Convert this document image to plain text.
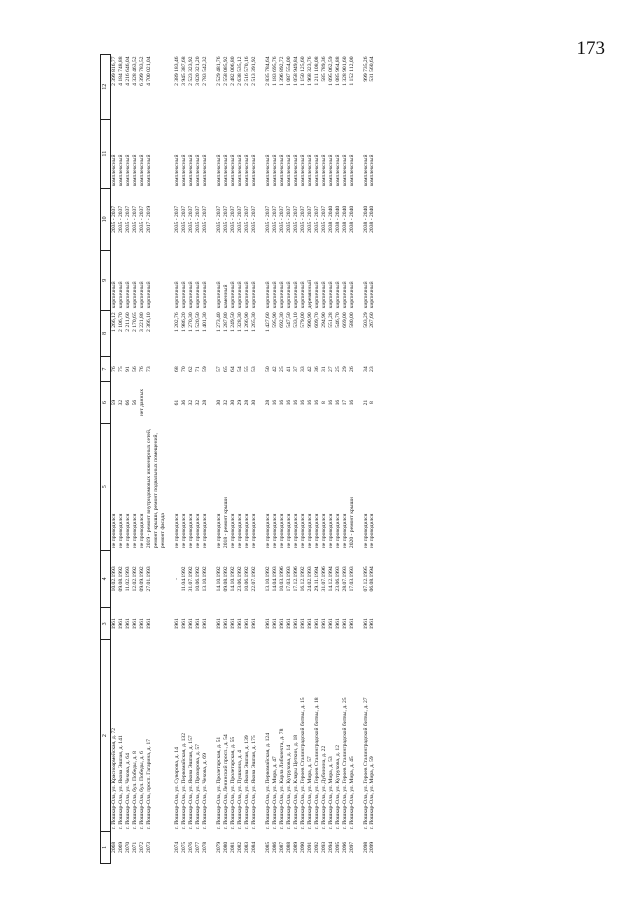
173
1	2	3	4	5	6	7	8	9	10	11	12
2068	г. Йошкар-Ола, ул. Красноармейская, д. 72	1961	10.02.1993	не проводился	59	76	1 266,12	кирпичный	2035 - 2037	комплексный	2 399 816,77
2069	г. Йошкар-Ола, ул. Якова Эшпая, д. 141	1961	09.08.1992	не проводился	32	75	2 106,70	кирпичный	2035 - 2037	комплексный	4 184 748,88
2070	г. Йошкар-Ола, ул. Чехова, д. 64	1961	11.02.1993	не проводился	66	91	2 211,60	кирпичный	2035 - 2037	комплексный	4 216 646,04
2071	г. Йошкар-Ола, бул. Победы, д. 8	1961	12.02.1992	не проводился	56	56	2 170,65	кирпичный	2035 - 2037	комплексный	4 328 463,52
2072	г. Йошкар-Ола, бул. Победы, д. 6	1961	09.09.1992	не проводился	нет данных	76	3 221,80	кирпичный	2035 - 2037	комплексный	6 399 783,52
2073	г. Йошкар-Ола, просп. Гагарина, д. 17	1961	27.01.1993	2019 - ремонт внутридомовых инженерных сетей, ремонт крыши, ремонт подвальных помещений, ремонт фасада		73	2 366,10	кирпичный	2017 - 2019	комплексный	4 700 021,04

2074	г. Йошкар-Ола, ул. Суворова, д. 14	1961	-	не проводился	61	68	1 202,76	кирпичный	2035 - 2037	комплексный	2 389 183,46
2075	г. Йошкар-Ола, ул. Первомайская, д. 132	1961	11.04.1992	не проводился	36	70	1 986,20	кирпичный	2035 - 2037	комплексный	3 945 387,68
2076	г. Йошкар-Ола, ул. Якова Эшпая, д. 157	1961	31.07.1992	не проводился	32	62	1 270,30	кирпичный	2035 - 2037	комплексный	2 523 323,92
2077	г. Йошкар-Ола, ул. Прохорова, д. 57	1961	10.06.1992	не проводился	32	71	1 520,50	кирпичный	2035 - 2037	комплексный	3 020 321,20
2078	г. Йошкар-Ола, ул. Чехова, д. 69	1961	13.10.1992	не проводился	28	59	1 401,30	кирпичный	2035 - 2037	комплексный	2 783 542,32

2079	г. Йошкар-Ола, ул. Пролетарская, д. 51	1961	14.10.1992	не проводился	30	57	1 273,40	кирпичный	2035 - 2037	комплексный	2 529 481,76
2080	г. Йошкар-Ола, Ленинский просп., д. 54	1961	09.08.1992	2018 - ремонт крыши	32	65	1 287,80	каменный	2035 - 2037	комплексный	2 558 085,92
2081	г. Йошкар-Ола, ул. Пролетарская, д. 55	1961	14.10.1992	не проводился	30	64	1 249,50	кирпичный	2035 - 2037	комплексный	2 482 006,80
2082	г. Йошкар-Ола, ул. Пушкина, д. 4	1961	23.06.1992	не проводился	29	54	1 328,30	кирпичный	2035 - 2037	комплексный	2 638 535,12
2083	г. Йошкар-Ола, ул. Якова Эшпая, д. 139	1961	10.06.1992	не проводился	28	55	1 266,90	кирпичный	2035 - 2037	комплексный	2 516 570,16
2084	г. Йошкар-Ола, ул. Якова Эшпая, д. 175	1961	22.07.1992	не проводился	30	53	1 265,30	кирпичный	2035 - 2037	комплексный	2 513 391,92

2085	г. Йошкар-Ола, ул. Первомайская, д. 124	1961	13.10.1992	не проводился	28	50	1 427,60	кирпичный	2035 - 2037	комплексный	2 835 784,64
2086	г. Йошкар-Ола, ул. Мира, д. 47	1961	14.04.1993	не проводился	16	42	595,90	кирпичный	2035 - 2037	комплексный	1 183 695,76
2087	г. Йошкар-Ола, ул. Карла Либкнехта, д. 78	1961	10.03.1996	не проводился	16	25	692,30	кирпичный	2035 - 2037	комплексный	1 396 892,72
2088	г. Йошкар-Ола, ул. Кутрухова, д. 14	1961	17.03.1993	не проводился	16	41	547,50	кирпичный	2035 - 2037	комплексный	1 087 554,00
2089	г. Йошкар-Ола, ул. Клары Цеткин, д. 18	1961	17.12.1996	не проводился	16	37	533,10	кирпичный	2035 - 2037	комплексный	1 058 949,84
2090	г. Йошкар-Ола, ул. Героев Сталинградской битвы, д. 15	1961	16.12.1992	не проводился	16	33	579,00	кирпичный	2035 - 2037	комплексный	1 150 125,60
2091	г. Йошкар-Ола, ул. Мира, д. 57	1961	24.02.1993	не проводился	16	42	990,90	деревянный	2035 - 2037	комплексный	1 968 323,76
2092	г. Йошкар-Ола, ул. Героев Сталинградской битвы, д. 18	1961	29.11.1994	не проводился	16	36	609,70	кирпичный	2035 - 2037	комплексный	1 211 108,08
2093	г. Йошкар-Ола, ул. Дубинина, д. 22	1961	31.07.1996	не проводился	8	31	294,90	кирпичный	2035 - 2037	комплексный	585 789,36
2094	г. Йошкар-Ола, ул. Мира, д. 53	1961	14.12.1994	не проводился	16	27	551,28	кирпичный	2038 - 2040	комплексный	1 095 062,59
2095	г. Йошкар-Ола, ул. Кутрухова, д. 12	1961	23.06.1993	не проводился	16	25	546,70	кирпичный	2038 - 2040	комплексный	1 085 964,88
2096	г. Йошкар-Ола, ул. Героев Сталинградской битвы, д. 25	1961	28.07.1993	не проводился	17	29	669,00	кирпичный	2038 - 2040	комплексный	1 328 901,60
2097	г. Йошкар-Ола, ул. Мира, д. 45	1961	17.03.1993	2020 - ремонт крыши	16	26	580,00	кирпичный	2038 - 2040	комплексный	1 152 112,00

2098	г. Йошкар-Ола, ул. Героев Сталинградской битвы, д. 27	1961	07.12.1995	не проводился	21	34	503,29	кирпичный	2038 - 2040	комплексный	999 735,26
2099	г. Йошкар-Ола, ул. Мира, д. 59	1961	06.08.1994	не проводился	8	23	267,60	кирпичный	2038 - 2040	комплексный	531 560,64
